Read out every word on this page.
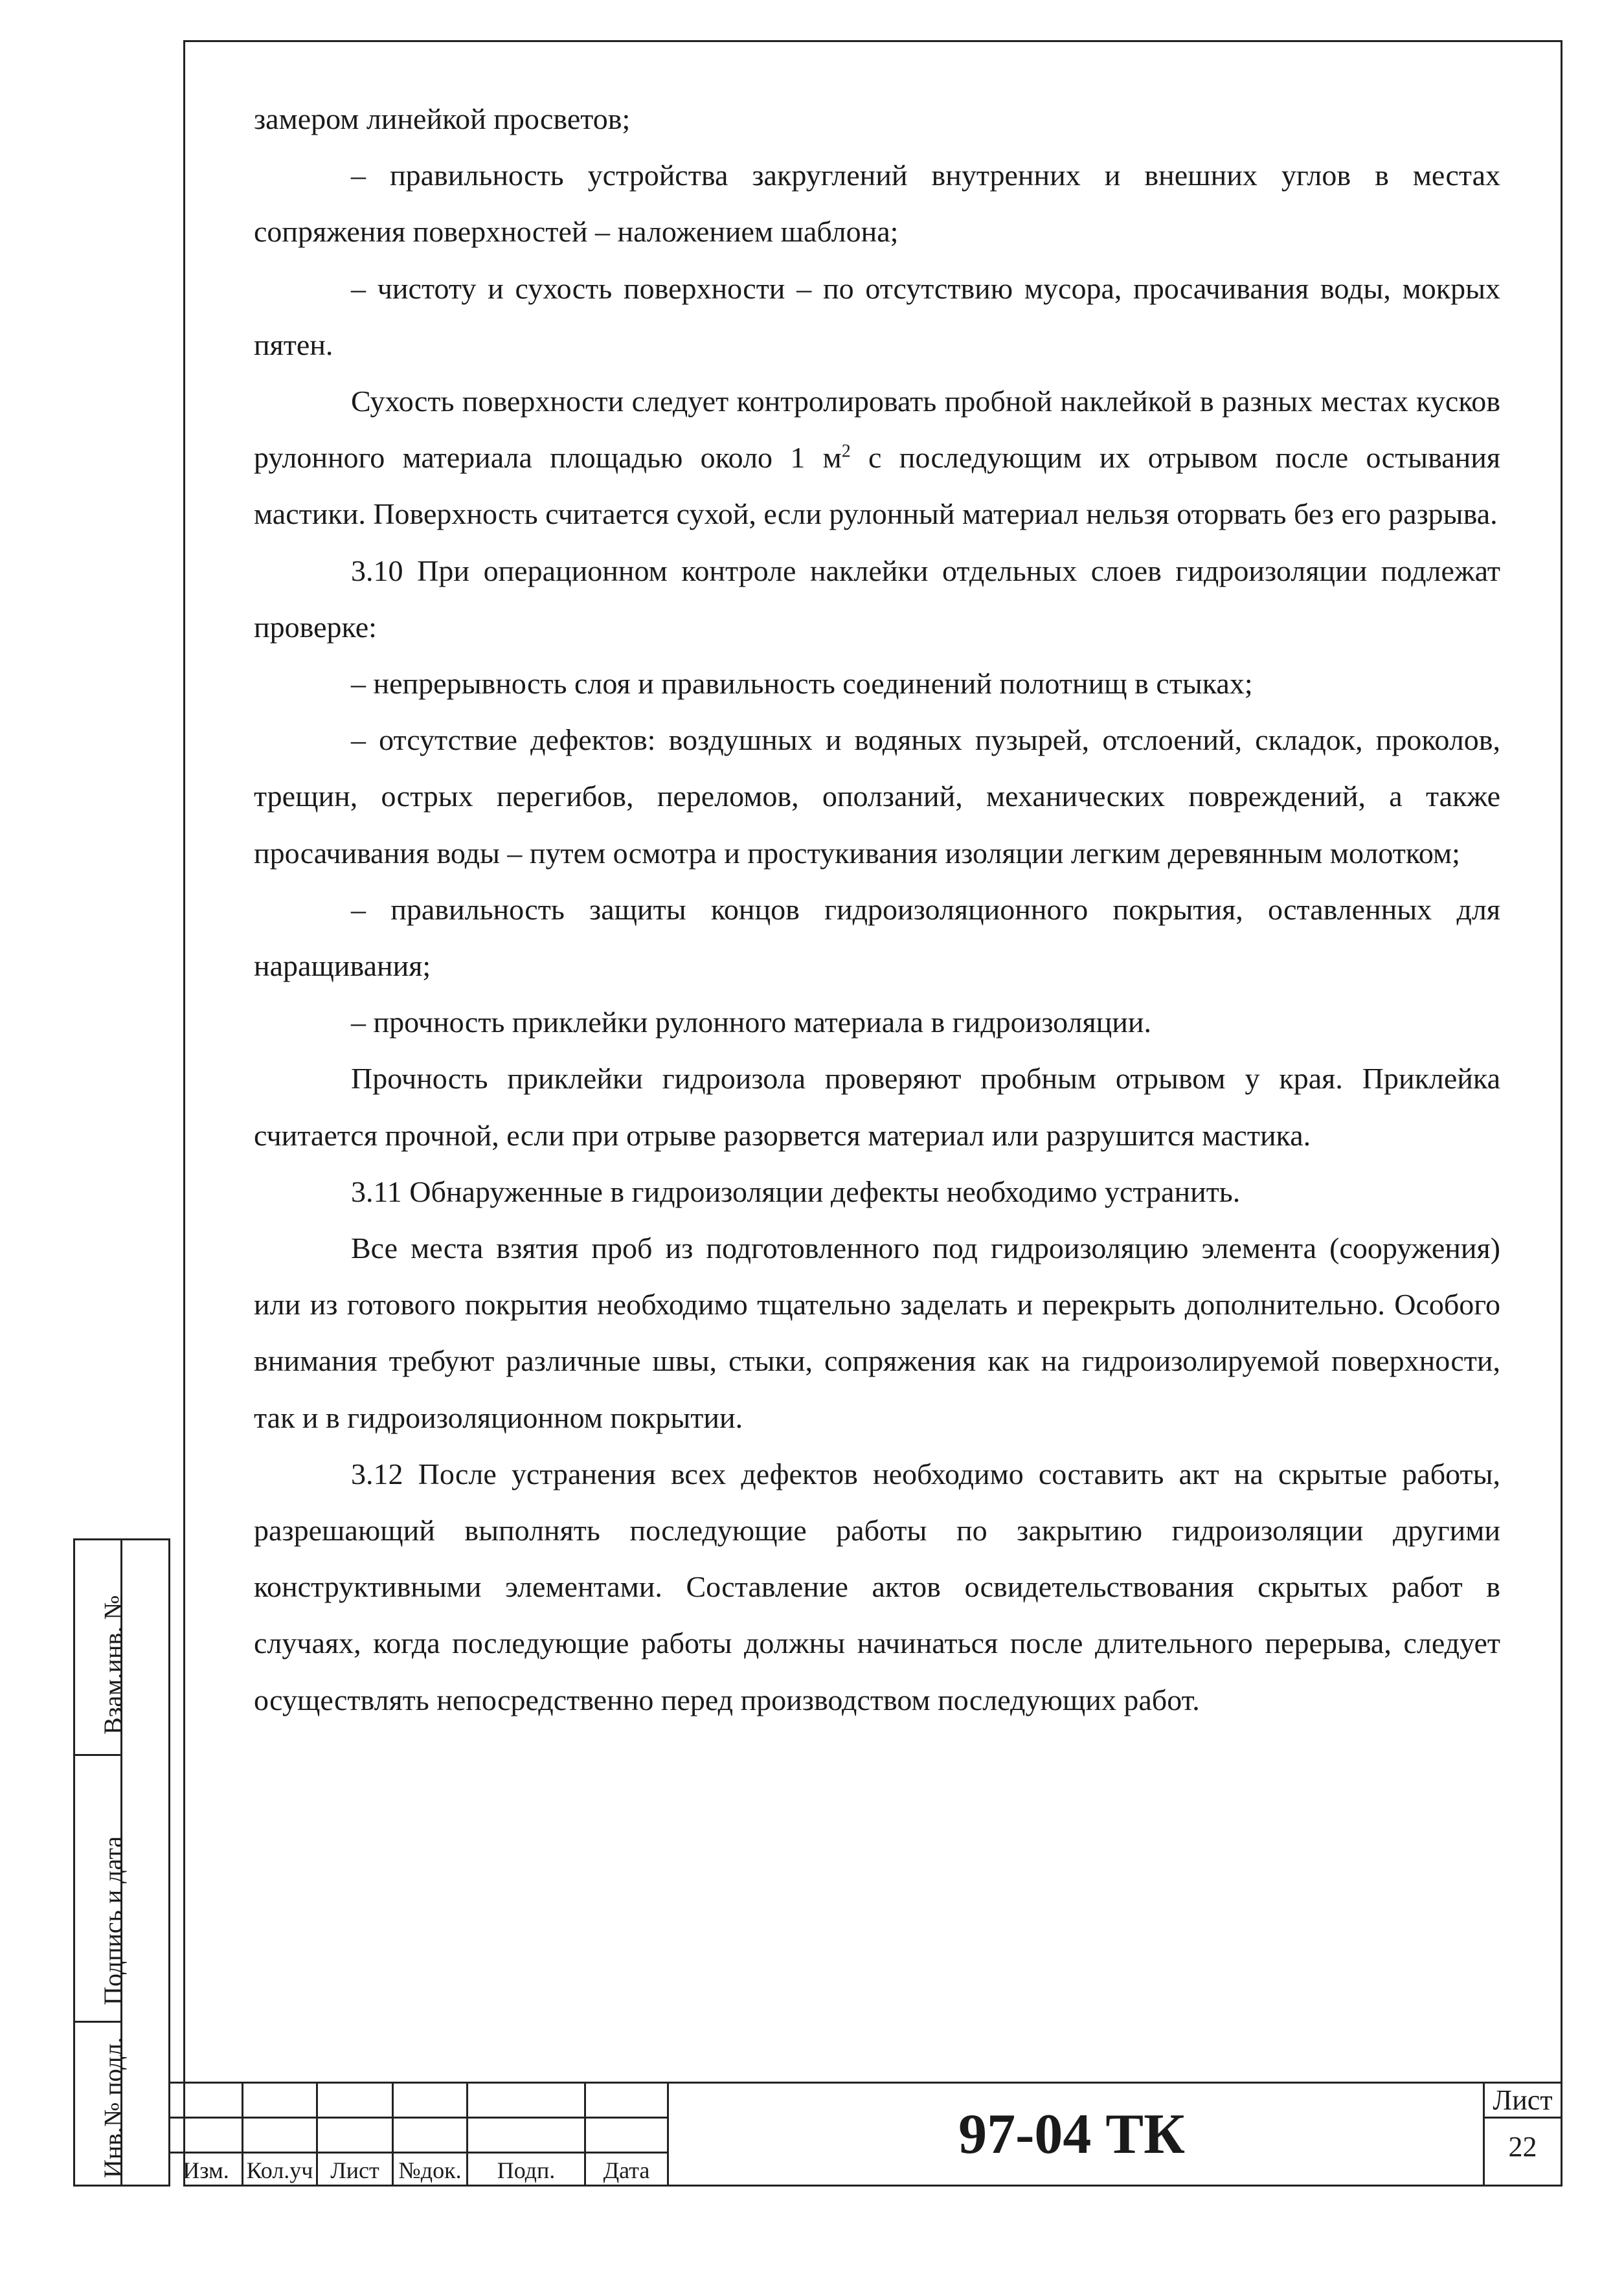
замером линейкой просветов;

– правильность устройства закруглений внутренних и внешних углов в местах сопряжения поверхностей – наложением шаблона;

– чистоту и сухость поверхности – по отсутствию мусора, просачивания воды, мокрых пятен.

Сухость поверхности следует контролировать пробной наклейкой в разных местах кусков рулонного материала площадью около 1 $м^2$ с последующим их отрывом после остывания мастики. Поверхность считается сухой, если рулонный материал нельзя оторвать без его разрыва.

3.10 При операционном контроле наклейки отдельных слоев гидроизоляции подлежат проверке:

– непрерывность слоя и правильность соединений полотнищ в стыках;

– отсутствие дефектов: воздушных и водяных пузырей, отслоений, складок, проколов, трещин, острых перегибов, переломов, оползаний, механических повреждений, а также просачивания воды – путем осмотра и простукивания изоляции легким деревянным молотком;

– правильность защиты концов гидроизоляционного покрытия, оставленных для наращивания;

– прочность приклейки рулонного материала в гидроизоляции.

Прочность приклейки гидроизола проверяют пробным отрывом у края. Приклейка считается прочной, если при отрыве разорвется материал или разрушится мастика.

3.11 Обнаруженные в гидроизоляции дефекты необходимо устранить.

Все места взятия проб из подготовленного под гидроизоляцию элемента (сооружения) или из готового покрытия необходимо тщательно заделать и перекрыть дополнительно. Особого внимания требуют различные швы, стыки, сопряжения как на гидроизолируемой поверхности, так и в гидроизоляционном покрытии.

3.12 После устранения всех дефектов необходимо составить акт на скрытые работы, разрешающий выполнять последующие работы по закрытию гидроизоляции другими конструктивными элементами. Составление актов освидетельствования скрытых работ в случаях, когда последующие работы должны начинаться после длительного перерыва, следует осуществлять непосредственно перед производством последующих работ.

Взам.инв. №
Подпись и дата
Инв.№ подл.	Изм. Кол.уч Лист №док.	Подп.	Дата
97-04 ТК
Лист
22
